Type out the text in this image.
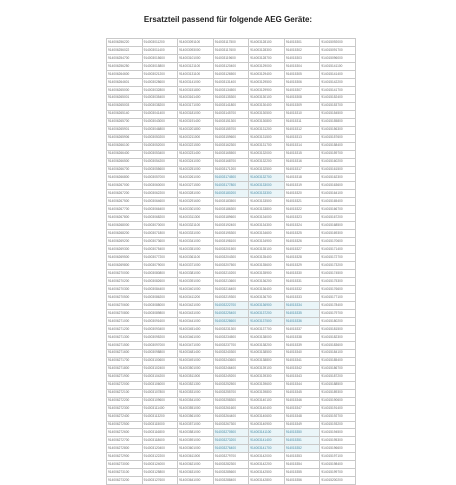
Ersatzteil passend für folgende AEG Geräte:
914006256220	914003011200	914003091100	914003117500	914003128100	914015301	914015092000
914006256022	914003011400	914003093000	914003117600	914003128300	914015302	914015091700
914006254700	914003015600	914003101000	914003119600	914003128700	914015303	914015096000
914006256250	914003015800	914003121100	914003120400	914003129000	914015304	914015141100
914006264600	914003021200	914003131100	914003126500	914003129400	914015305	914015141400
914006264601	914003028600	914003141000	914003131400	914003129500	914015306	914015142200
914006265000	914003032800	914003151800	914003134500	914003129900	914015307	914015141700
914006265001	914003035400	914003161400	914003135300	914003130100	914015308	914015152400
914006265003	914003038200	914003171000	914003141800	914003130400	914015309	914015153700
914006265140	914003041400	914003181000	914003145700	914003130500	914015310	914015154500
914006265700	914003043000	914003191400	914003151300	914003130800	914015311	914015155800
914006265901	914003046800	914003201800	914003155700	914003131200	914015312	914015156300
914006265906	914003050200	914003211000	914003159600	914003131500	914015313	914015157600
914006266100	914003052000	914003221500	914003162300	914003131700	914015314	914015158400
914006266400	914003053400	914003231400	914003165500	914003132000	914015315	914015159700
914006266500	914003054200	914003241000	914003168700	914003132200	914015316	914015160200
914006266700	914003055600	914003251000	914003171200	914003132500	914015317	914015161500
914006266800	914003057000	914003261000	914003174500	914003132700	914015318	914015162300
914006267000	914003060000	914003271500	914003177800	914003133000	914015319	914015163600
914006267200	914003062200	914003281000	914003180200	914003133300	914015320	914015164100
914006267500	914003064600	914003291600	914003183500	914003133500	914015321	914015165400
914006267700	914003066400	914003301000	914003186300	914003133800	914015322	914015166700
914006267800	914003068200	914003311300	914003189600	914003134000	914015323	914015167200
914006268000	914003070000	914003321100	914003192400	914003134300	914015324	914015168500
914006268200	914003071800	914003331000	914003195300	914003134600	914015325	914015169300
914006269200	914003073600	914003341000	914003198100	914003134900	914015326	914015170600
914006269300	914003075400	914003351000	914003201500	914003135100	914015327	914015171400
914006269500	914003077200	914003361100	914003204300	914003135400	914015328	914015172700
914006269800	914003079000	914003371000	914003207500	914003135600	914015329	914015173200
914006270000	914003080800	914003381000	914003210200	914003135900	914015330	914015174500
914006270200	914003082600	914003391000	914003213600	914003136200	914015331	914015175300
914006270300	914003084400	914003401000	914003216400	914003136400	914015332	914015176600
914006270500	914003086200	914003411200	914003219300	914003136700	914015333	914015177100
914006270600	914003088000	914003421000	914003222700	914003136900	914015334	914015178400
914006270800	914003089800	914003431000	914003225400	914003137200	914015335	914015179700
914006271000	914003091600	914003441000	914003228600	914003137500	914015336	914015180200
914006271200	914003093400	914003451400	914003231300	914003137700	914015337	914015181500
914006271300	914003095200	914003461000	914003234500	914003138000	914015338	914015182300
914006271500	914003097000	914003471000	914003237700	914003138200	914015339	914015183600
914006271600	914003098800	914003481400	914003240300	914003138500	914015340	914015184100
914006271700	914003100600	914003491000	914003243600	914003138800	914015341	914015185400
914006271800	914003102400	914003501000	914003246400	914003139100	914015342	914015186700
914006271900	914003104200	914003511000	914003249200	914003139300	914015343	914015187200
914006272000	914003106000	914003521300	914003252500	914003139600	914015344	914015188500
914006272100	914003107800	914003531000	914003255700	914003139800	914015345	914015189300
914006272200	914003109600	914003541000	914003258300	914003140100	914015346	914015190600
914006272300	914003111400	914003551000	914003261600	914003140400	914015347	914015191400
914006272400	914003113200	914003561000	914003264400	914003140600	914015348	914015192700
914006272500	914003115000	914003571000	914003267300	914003140900	914015349	914015193200
914006272600	914003116800	914003581000	914003270500	914003141100	914015350	914015194500
914006272700	914003118600	914003591000	914003273200	914003141400	914015351	914015195300
914006272800	914003120400	914003601000	914003276400	914003141700	914015352	914015196600
914006272900	914003122200	914003611000	914003279700	914003142000	914015353	914015197100
914006273000	914003124000	914003621000	914003282300	914003142200	914015354	914015198400
914006273100	914003125800	914003631000	914003285600	914003142500	914015355	914015199700
914006273200	914003127600	914003641000	914003288400	914003142800	914015356	914015200200
